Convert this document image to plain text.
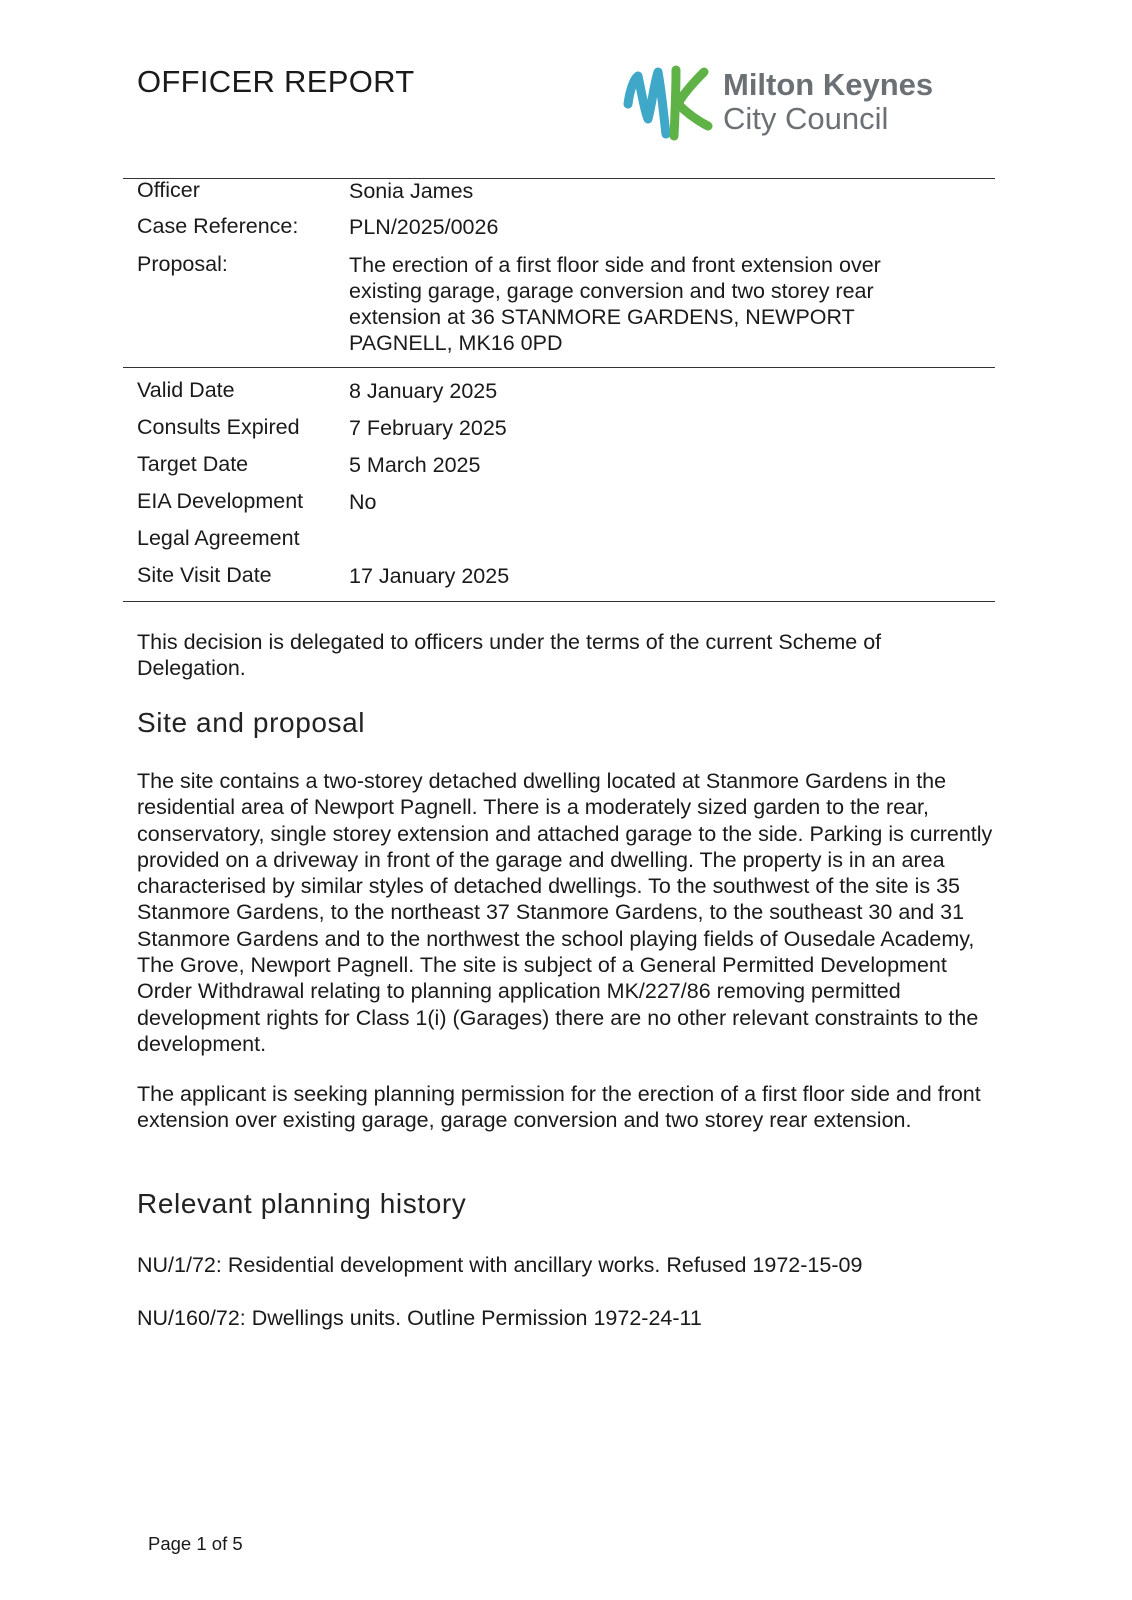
OFFICER REPORT	Milton Keynes
City Council
Officer	Sonia James
Case Reference: PLN/2025/0026
Proposal:	The erection of a first floor side and front extension over existing garage, garage conversion and two storey rear extension at 36 STANMORE GARDENS, NEWPORT PAGNELL, MK16 0PD
Valid Date	8 January 2025
Consults Expired 7 February 2025
Target Date	5 March 2025
EIA Development No
Legal Agreement
Site Visit Date	17 January 2025
This decision is delegated to officers under the terms of the current Scheme of Delegation.
Site and proposal
The site contains a two-storey detached dwelling located at Stanmore Gardens in the residential area of Newport Pagnell. There is a moderately sized garden to the rear, conservatory, single storey extension and attached garage to the side. Parking is currently provided on a driveway in front of the garage and dwelling. The property is in an area characterised by similar styles of detached dwellings. To the southwest of the site is 35 Stanmore Gardens, to the northeast 37 Stanmore Gardens, to the southeast 30 and 31 Stanmore Gardens and to the northwest the school playing fields of Ousedale Academy, The Grove, Newport Pagnell. The site is subject of a General Permitted Development Order Withdrawal relating to planning application MK/227/86 removing permitted development rights for Class 1(i) (Garages) there are no other relevant constraints to the development.
The applicant is seeking planning permission for the erection of a first floor side and front extension over existing garage, garage conversion and two storey rear extension.
Relevant planning history
NU/1/72: Residential development with ancillary works. Refused 1972-15-09
NU/160/72: Dwellings units. Outline Permission 1972-24-11
Page 1 of 5
